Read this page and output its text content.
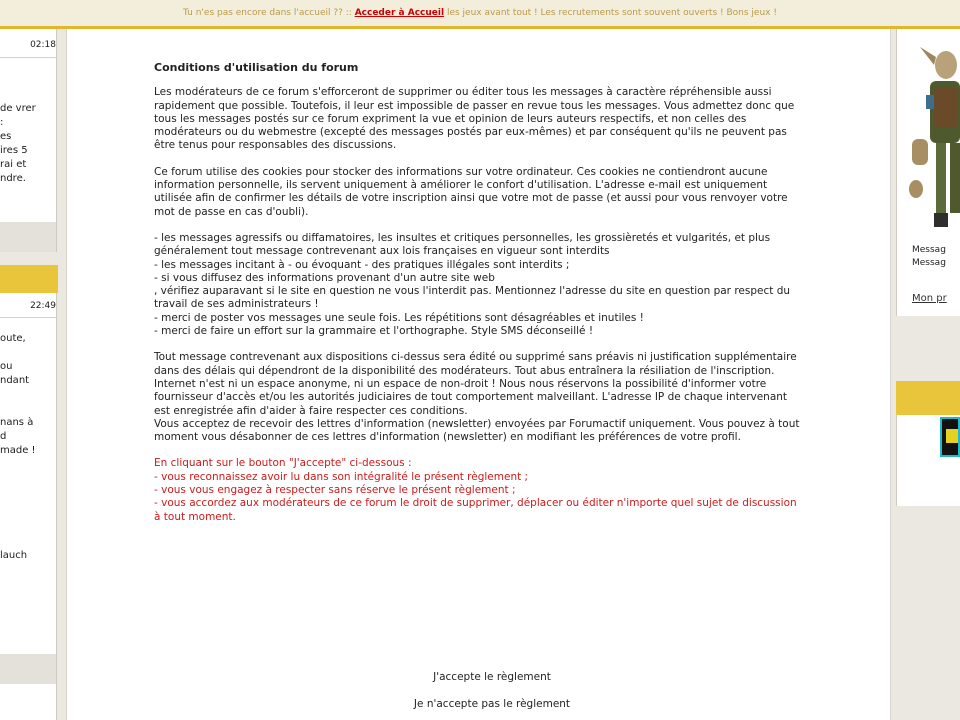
Tu n'es pas encore dans l'accueil ?? :: Acceder à Accueil les jeux avant tout ! Les recrutements sont souvent ouverts ! Bons jeux !
02:18
de vrer
:
es
ires 5
rai et
ndre.
22:49
oute,

ou
ndant

nans à
d
made !
lauch
Conditions d'utilisation du forum

Les modérateurs de ce forum s'efforceront de supprimer ou éditer tous les messages à caractère répréhensible aussi rapidement que possible. Toutefois, il leur est impossible de passer en revue tous les messages. Vous admettez donc que tous les messages postés sur ce forum expriment la vue et opinion de leurs auteurs respectifs, et non celles des modérateurs ou du webmestre (excepté des messages postés par eux-mêmes) et par conséquent qu'ils ne peuvent pas être tenus pour responsables des discussions.

Ce forum utilise des cookies pour stocker des informations sur votre ordinateur. Ces cookies ne contiendront aucune information personnelle, ils servent uniquement à améliorer le confort d'utilisation. L'adresse e-mail est uniquement utilisée afin de confirmer les détails de votre inscription ainsi que votre mot de passe (et aussi pour vous renvoyer votre mot de passe en cas d'oubli).

- les messages agressifs ou diffamatoires, les insultes et critiques personnelles, les grossièretés et vulgarités, et plus généralement tout message contrevenant aux lois françaises en vigueur sont interdits
- les messages incitant à - ou évoquant - des pratiques illégales sont interdits ;
- si vous diffusez des informations provenant d'un autre site web
, vérifiez auparavant si le site en question ne vous l'interdit pas. Mentionnez l'adresse du site en question par respect du travail de ses administrateurs !
- merci de poster vos messages une seule fois. Les répétitions sont désagréables et inutiles !
- merci de faire un effort sur la grammaire et l'orthographe. Style SMS déconseillé !

Tout message contrevenant aux dispositions ci-dessus sera édité ou supprimé sans préavis ni justification supplémentaire dans des délais qui dépendront de la disponibilité des modérateurs. Tout abus entraînera la résiliation de l'inscription. Internet n'est ni un espace anonyme, ni un espace de non-droit ! Nous nous réservons la possibilité d'informer votre fournisseur d'accès et/ou les autorités judiciaires de tout comportement malveillant. L'adresse IP de chaque intervenant est enregistrée afin d'aider à faire respecter ces conditions.
Vous acceptez de recevoir des lettres d'information (newsletter) envoyées par Forumactif uniquement. Vous pouvez à tout moment vous désabonner de ces lettres d'information (newsletter) en modifiant les préférences de votre profil.

En cliquant sur le bouton "J'accepte" ci-dessous :
- vous reconnaissez avoir lu dans son intégralité le présent règlement ;
- vous vous engagez à respecter sans réserve le présent règlement ;
- vous accordez aux modérateurs de ce forum le droit de supprimer, déplacer ou éditer n'importe quel sujet de discussion à tout moment.

J'accepte le règlement
Je n'accepte pas le règlement
Messag
Messag
Mon pr
